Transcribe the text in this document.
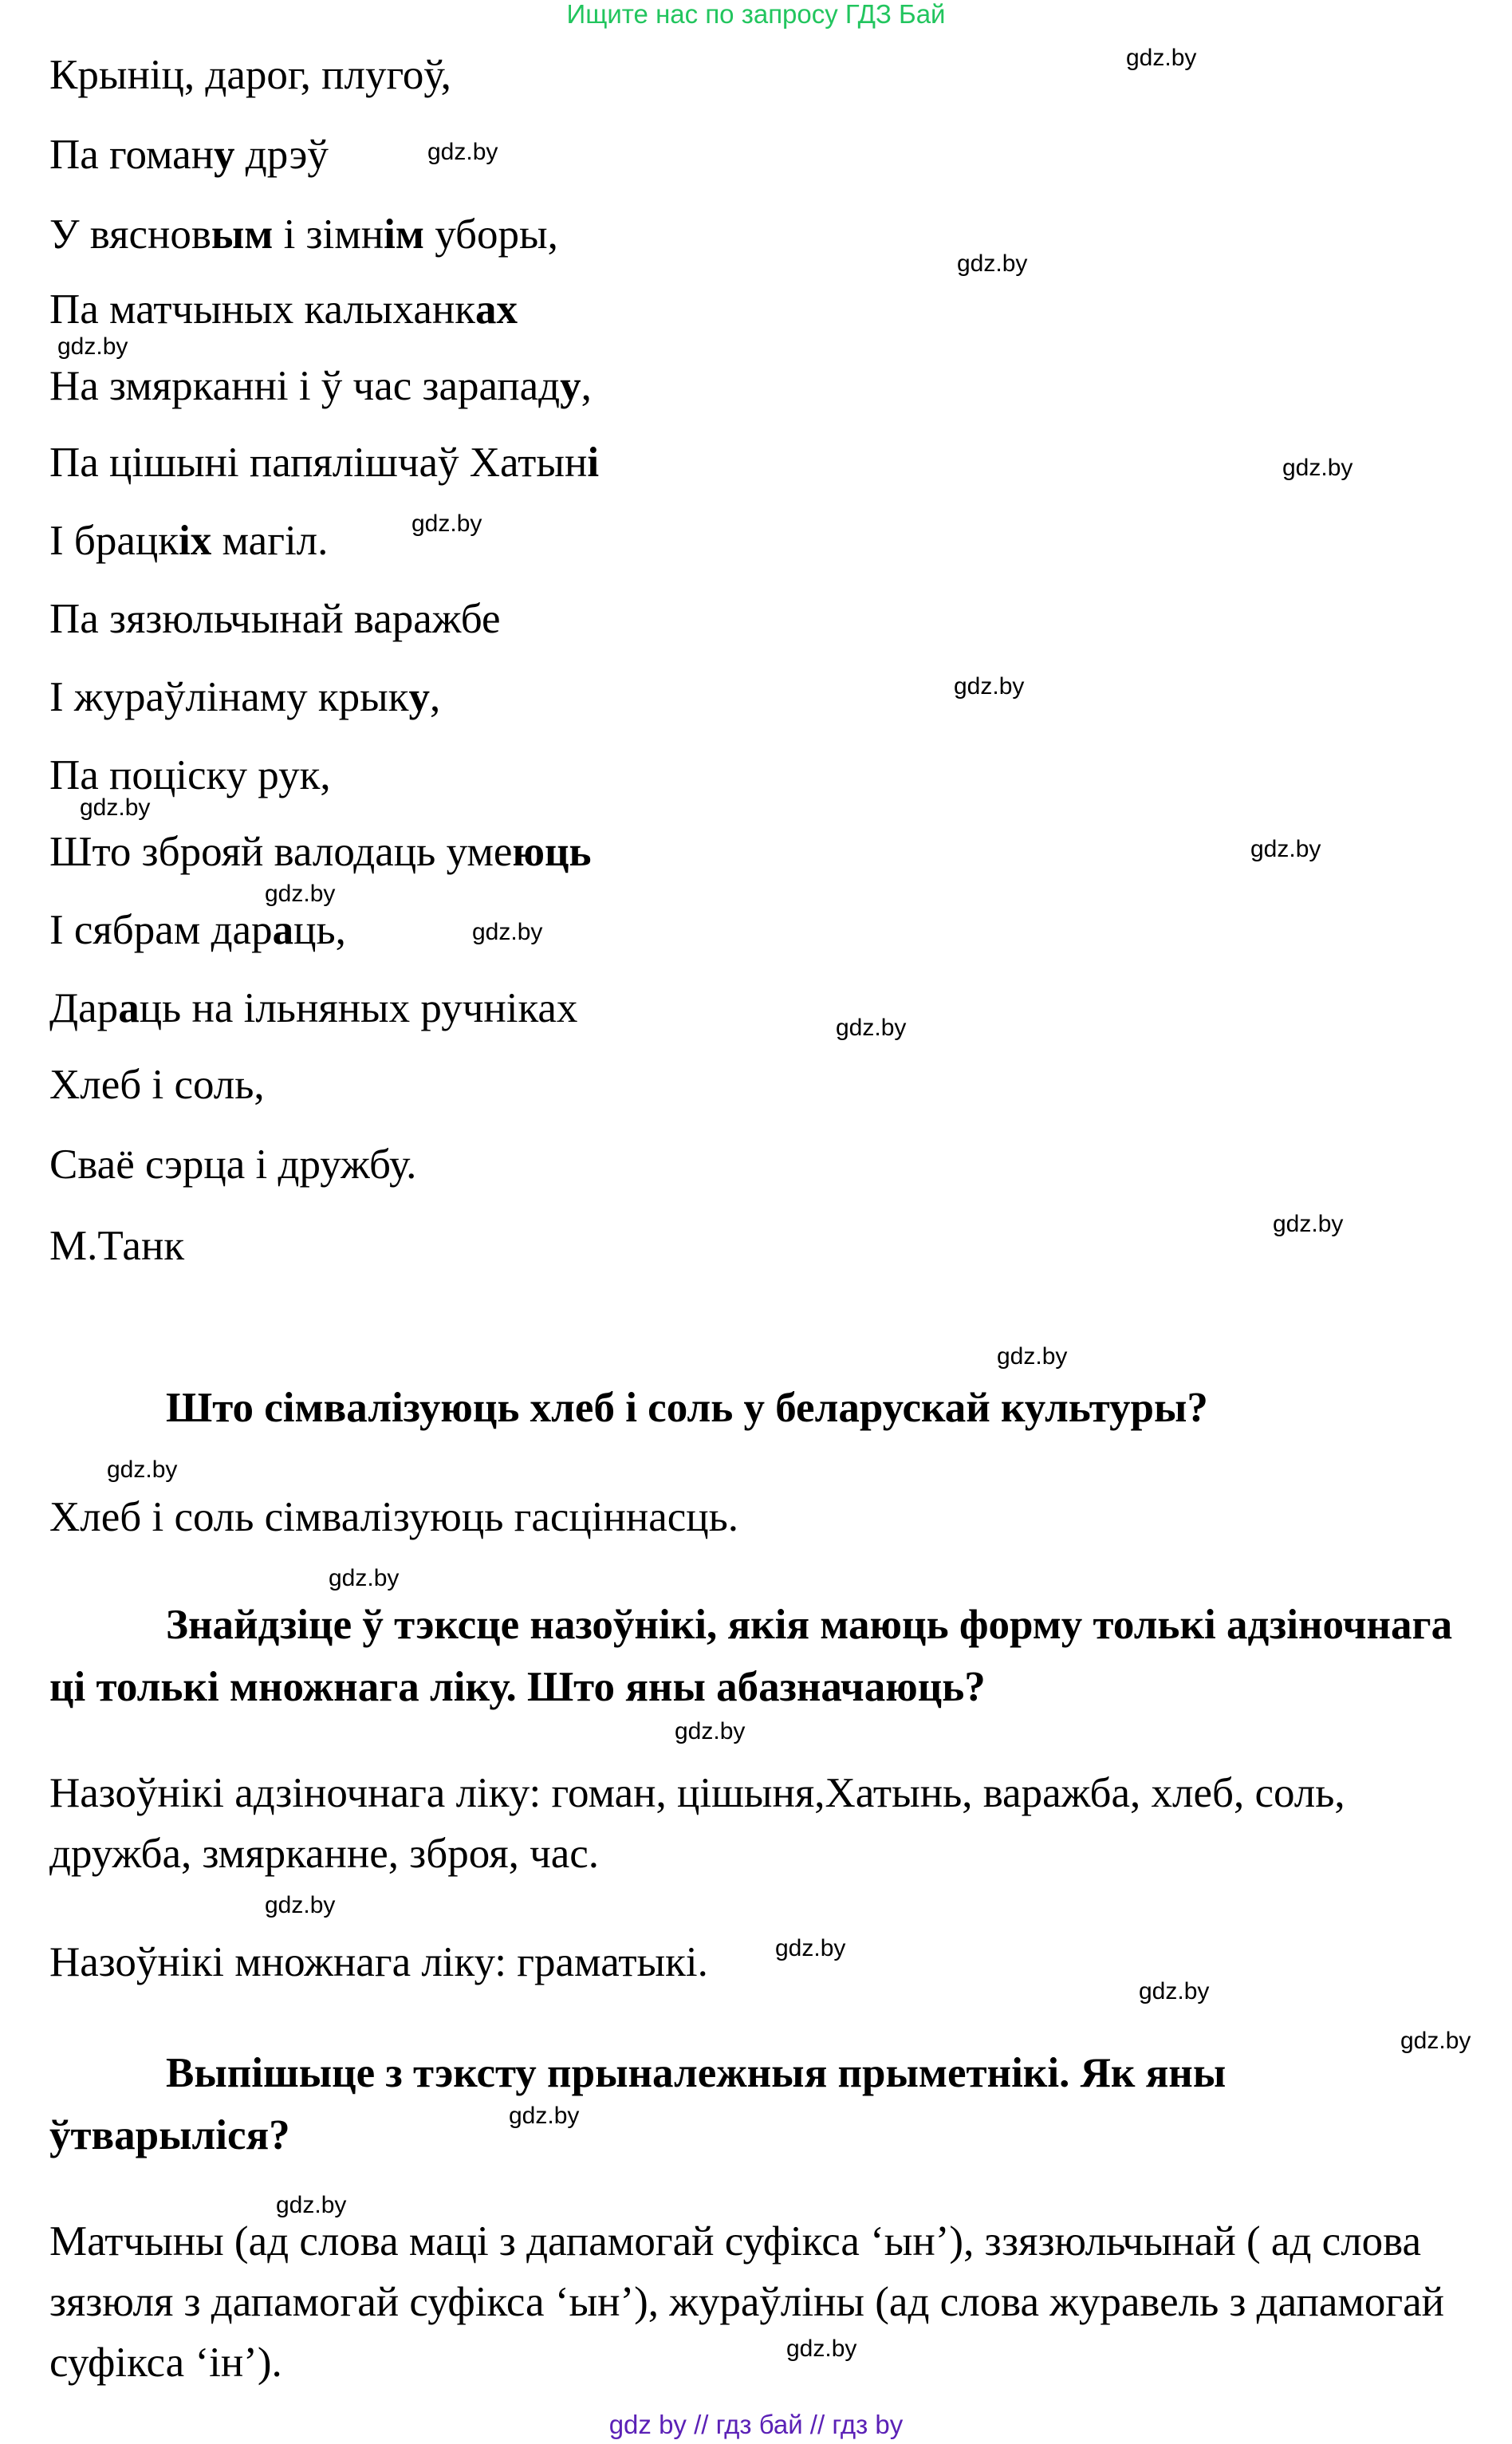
Ищите нас по запросу ГДЗ Бай
Крыніц, дарог, плугоў,
Па гоману дрэў
У вясновым і зімнім уборы,
Па матчыных калыханках
На змярканні і ў час зарападу,
Па цішыні папялішчаў Хатыні
І брацкіх магіл.
Па зязюльчынай варажбе
І жураўлінаму крыку,
Па поціску рук,
Што зброяй валодаць умеюць
І сябрам дараць,
Дараць на ільняных ручніках
Хлеб і соль,
Сваё сэрца і дружбу.
М.Танк
Што сімвалізуюць хлеб і соль у беларускай культуры?
Хлеб і соль сімвалізуюць гасціннасць.
Знайдзіце ў тэксце назоўнікі, якія маюць форму толькі адзіночнага ці толькі множнага ліку. Што яны абазначаюць?
Назоўнікі адзіночнага ліку: гоман, цішыня,Хатынь, варажба, хлеб, соль, дружба, змярканне, зброя, час.
Назоўнікі множнага ліку: граматыкі.
Выпішыце з тэксту прыналежныя прыметнікі. Як яны ўтварыліся?
Матчыны (ад слова маці з дапамогай суфікса ‘ын’), ззязюльчынай ( ад слова зязюля з дапамогай суфікса ‘ын’), жураўліны (ад слова журавель з дапамогай суфікса ‘ін’).
gdz.by
gdz.by
gdz.by
gdz.by
gdz.by
gdz.by
gdz.by
gdz.by
gdz.by
gdz.by
gdz.by
gdz.by
gdz.by
gdz.by
gdz.by
gdz.by
gdz.by
gdz.by
gdz.by
gdz.by
gdz.by
gdz.by
gdz.by
gdz.by
gdz by // гдз бай // гдз by
